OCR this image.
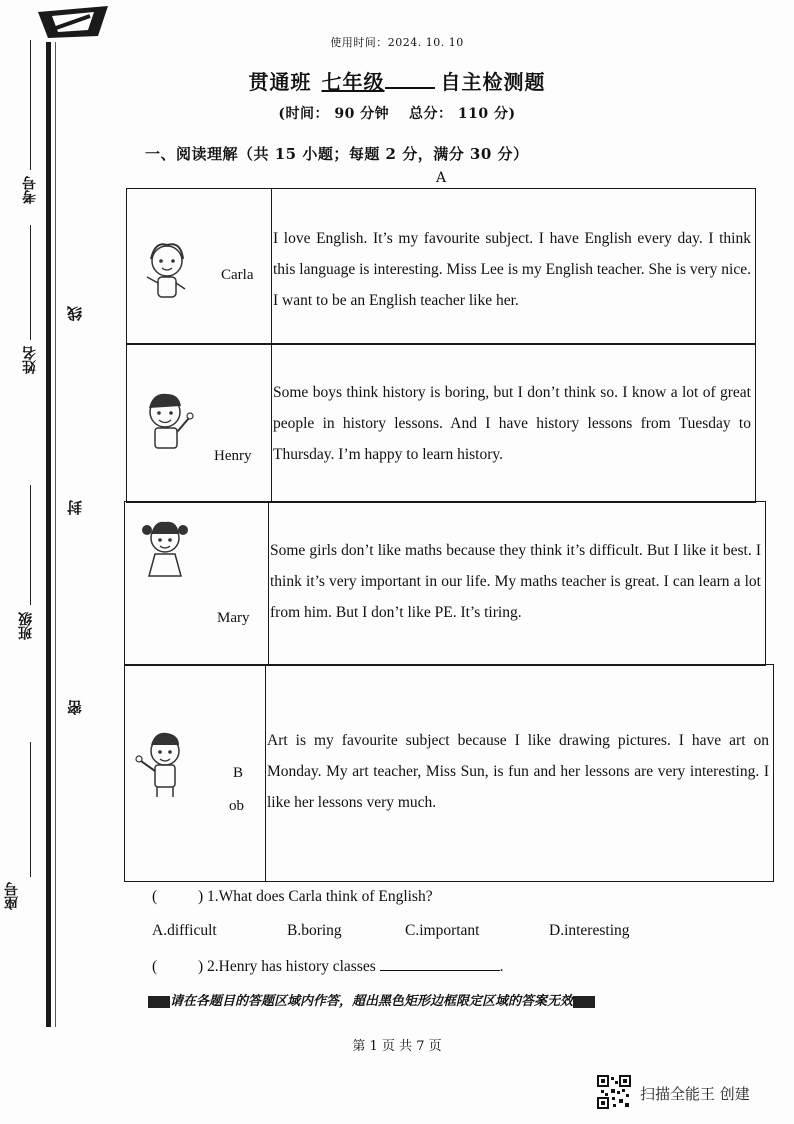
考号
姓名
班级
座号
线
封
密
使用时间：2024. 10. 10
贯通班 七年级	自主检测题
(时间： 90 分钟　 总分： 110 分)
一、阅读理解（共 15 小题；每题 2 分，满分 30 分）
A
Carla
I love English. It’s my favourite subject. I have English every day. I think this language is interesting. Miss Lee is my English teacher. She is very nice. I want to be an English teacher like her.
Henry
Some boys think history is boring, but I don’t think so. I know a lot of great people in history lessons. And I have history lessons from Tuesday to Thursday. I’m happy to learn history.
Mary
Some girls don’t like maths because they think it’s difficult. But I like it best. I think it’s very important in our life. My maths teacher is great. I can learn a lot from him. But I don’t like PE. It’s tiring.
B
ob
Art is my favourite subject because I like drawing pictures. I have art on Monday. My art teacher, Miss Sun, is fun and her lessons are very interesting. I like her lessons very much.
(	) 1.What does Carla think of English?
A.difficult	B.boring	C.important	D.interesting
(	) 2.Henry has history classes	.
请在各题目的答题区域内作答，超出黑色矩形边框限定区域的答案无效
第 1 页 共 7 页
扫描全能王 创建
